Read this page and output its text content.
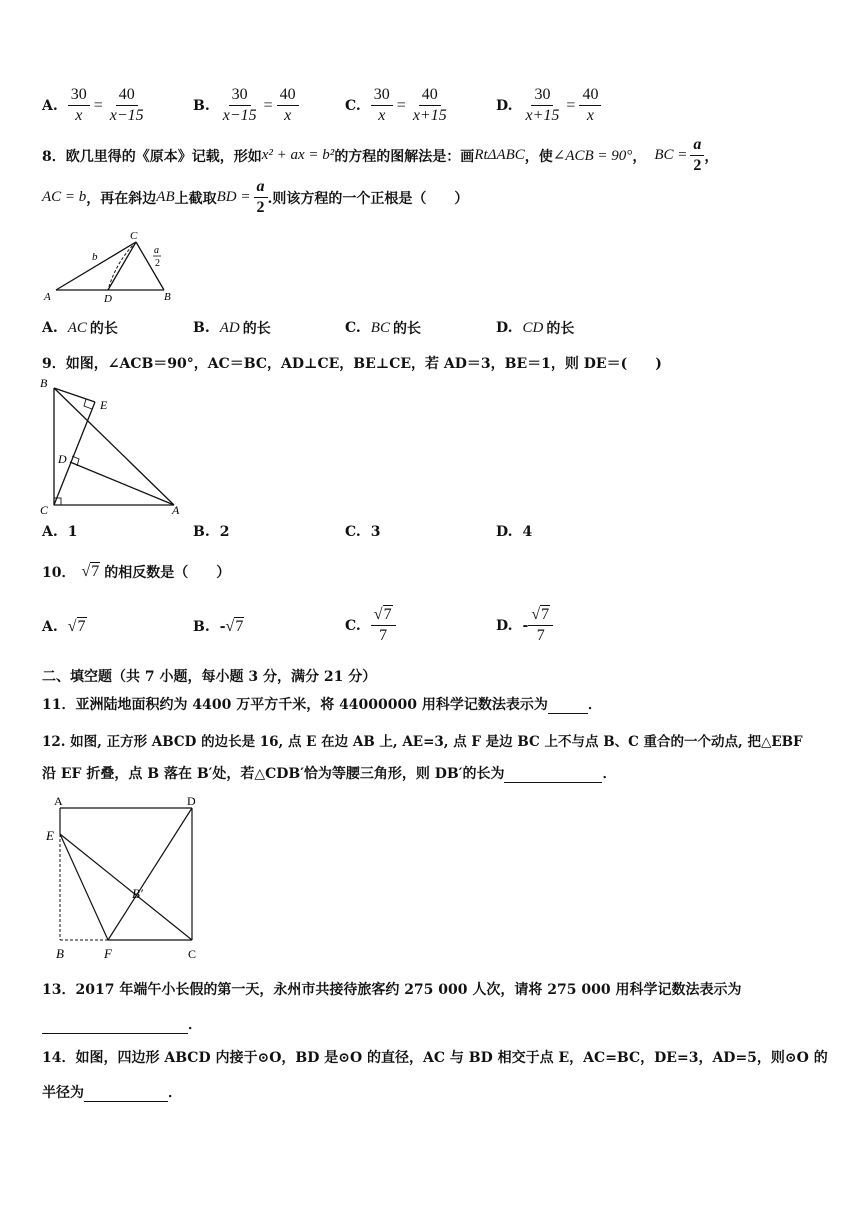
A. $\frac{30}{x} = \frac{40}{x-15}$	B. $\frac{30}{x-15} = \frac{40}{x}$	C. $\frac{30}{x} = \frac{40}{x+15}$	D. $\frac{30}{x+15} = \frac{40}{x}$
8． 欧几里得的《原本》记载，形如 x² + ax = b² 的方程的图解法是：画 RtΔABC ，使 ∠ACB = 90° ， BC = $\frac{a}{2}$ ，
AC = b ，再在斜边 AB 上截取 BD = $\frac{a}{2}$ .则该方程的一个正根是（　　）
A	D	B
C
b
a
2
A. AC 的长	B. AD 的长	C. BC 的长	D. CD 的长
9．如图，∠ACB＝90°，AC＝BC，AD⊥CE，BE⊥CE，若 AD＝3，BE＝1，则 DE＝(　　)
B
E
D
C	A
A. 1	B. 2	C. 3	D. 4
10． √7 的相反数是（　　）
A. √7	B. - √7	C. $\frac{√7}{7}$	D. - $\frac{√7}{7}$
二、填空题（共 7 小题，每小题 3 分，满分 21 分）
11．亚洲陆地面积约为 4400 万平方千米，将 44000000 用科学记数法表示为	．
12. 如图, 正方形 ABCD 的边长是 16, 点 E 在边 AB 上, AE=3, 点 F 是边 BC 上不与点 B、C 重合的一个动点, 把△EBF
沿 EF 折叠，点 B 落在 B′处，若△CDB′恰为等腰三角形，则 DB′的长为	．
A	D
E
B′
B	F	C
13．2017 年端午小长假的第一天，永州市共接待旅客约 275 000 人次，请将 275 000 用科学记数法表示为
．
14．如图，四边形 ABCD 内接于⊙O，BD 是⊙O 的直径，AC 与 BD 相交于点 E，AC=BC，DE=3，AD=5，则⊙O 的
半径为	．
